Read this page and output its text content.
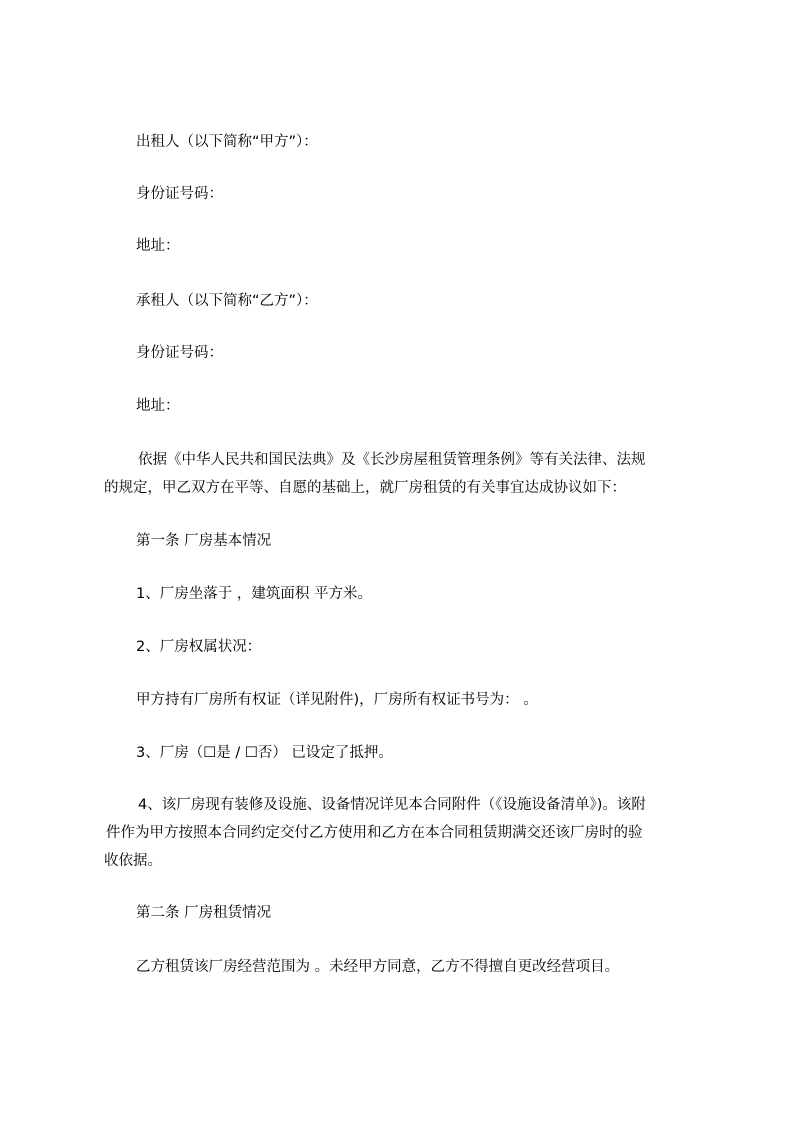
出租人（以下简称“甲方”）：

身份证号码：

地址：

承租人（以下简称“乙方”）：

身份证号码：

地址：

依据《中华人民共和国民法典》及《长沙房屋租赁管理条例》等有关法律、法规
的规定，甲乙双方在平等、自愿的基础上，就厂房租赁的有关事宜达成协议如下：

第一条 厂房基本情况

1、厂房坐落于 ，建筑面积 平方米。

2、厂房权属状况：

甲方持有厂房所有权证（详见附件)，厂房所有权证书号为： 。

3、厂房（☐是 / ☐否） 已设定了抵押。

4、该厂房现有装修及设施、设备情况详见本合同附件（《设施设备清单》)。该附
件作为甲方按照本合同约定交付乙方使用和乙方在本合同租赁期满交还该厂房时的验
收依据。

第二条 厂房租赁情况

乙方租赁该厂房经营范围为 。未经甲方同意，乙方不得擅自更改经营项目。
